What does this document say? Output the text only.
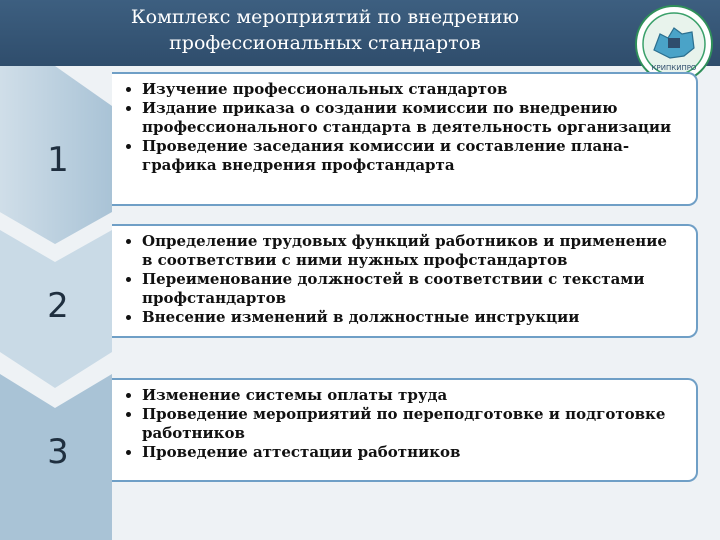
Комплекс мероприятий по внедрению
профессиональных стандартов
КРИПКИПРО
1
2
3
• Изучение профессиональных стандартов
• Издание приказа о создании комиссии по внедрению профессионального стандарта в деятельность организации
• Проведение заседания комиссии и составление плана-графика внедрения профстандарта
• Определение трудовых функций работников и применение в соответствии с ними нужных профстандартов
• Переименование должностей в соответствии с текстами профстандартов
• Внесение изменений в должностные инструкции
• Изменение системы оплаты труда
• Проведение мероприятий по переподготовке и подготовке работников
• Проведение аттестации работников
